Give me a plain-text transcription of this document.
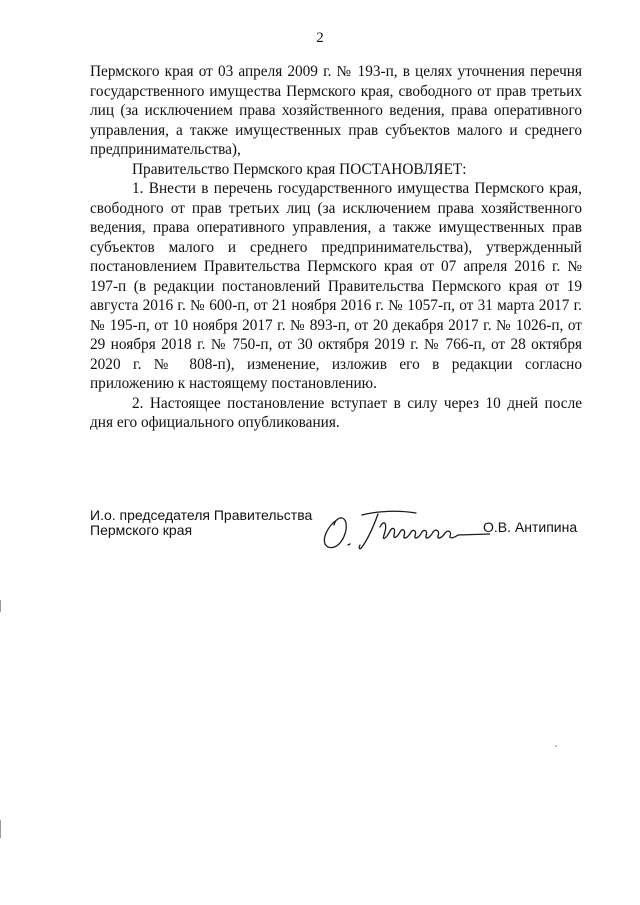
2

Пермского края от 03 апреля 2009 г. № 193-п, в целях уточнения перечня государственного имущества Пермского края, свободного от прав третьих лиц (за исключением права хозяйственного ведения, права оперативного управления, а также имущественных прав субъектов малого и среднего предпринимательства),

Правительство Пермского края ПОСТАНОВЛЯЕТ:

1. Внести в перечень государственного имущества Пермского края, свободного от прав третьих лиц (за исключением права хозяйственного ведения, права оперативного управления, а также имущественных прав субъектов малого и среднего предпринимательства), утвержденный постановлением Правительства Пермского края от 07 апреля 2016 г. № 197-п (в редакции постановлений Правительства Пермского края от 19 августа 2016 г. № 600-п, от 21 ноября 2016 г. № 1057-п, от 31 марта 2017 г. № 195-п, от 10 ноября 2017 г. № 893-п, от 20 декабря 2017 г. № 1026-п, от 29 ноября 2018 г. № 750-п, от 30 октября 2019 г. № 766-п, от 28 октября 2020 г. № 808-п), изменение, изложив его в редакции согласно приложению к настоящему постановлению.

2. Настоящее постановление вступает в силу через 10 дней после дня его официального опубликования.

И.о. председателя Правительства
Пермского края	О.В. Антипина
